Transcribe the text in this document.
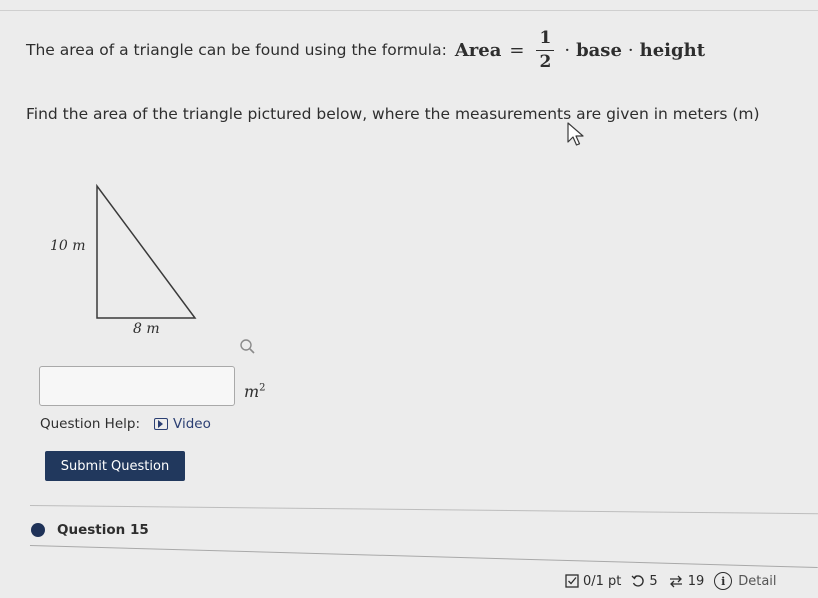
The area of a triangle can be found using the formula: Area = $\frac{1}{2}$ · base · height
Find the area of the triangle pictured below, where the measurements are given in meters (m)
10 m
8 m
$m^2$
Question Help: Video
Submit Question
Question 15
0/1 pt 5 19	i Detail
